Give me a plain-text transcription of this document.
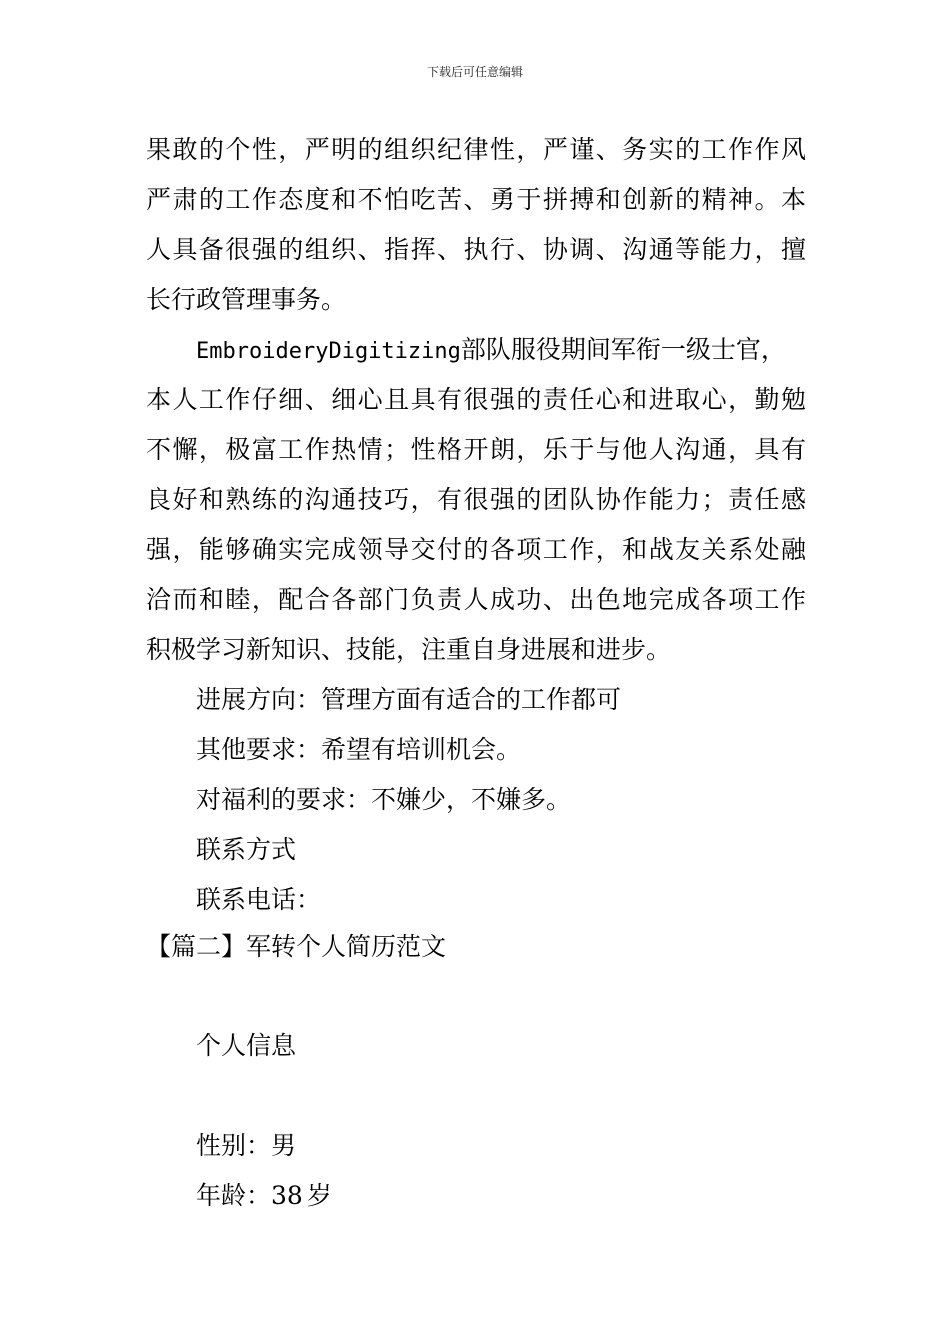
下载后可任意编辑
果敢的个性，严明的组织纪律性，严谨、务实的工作作风
严肃的工作态度和不怕吃苦、勇于拼搏和创新的精神。本
人具备很强的组织、指挥、执行、协调、沟通等能力，擅
长行政管理事务。
EmbroideryDigitizing部队服役期间军衔一级士官，
本人工作仔细、细心且具有很强的责任心和进取心，勤勉
不懈，极富工作热情；性格开朗，乐于与他人沟通，具有
良好和熟练的沟通技巧，有很强的团队协作能力；责任感
强，能够确实完成领导交付的各项工作，和战友关系处融
洽而和睦，配合各部门负责人成功、出色地完成各项工作
积极学习新知识、技能，注重自身进展和进步。
进展方向：管理方面有适合的工作都可
其他要求：希望有培训机会。
对福利的要求：不嫌少，不嫌多。
联系方式
联系电话：
【篇二】军转个人简历范文
个人信息
性别：男
年龄：38 岁
